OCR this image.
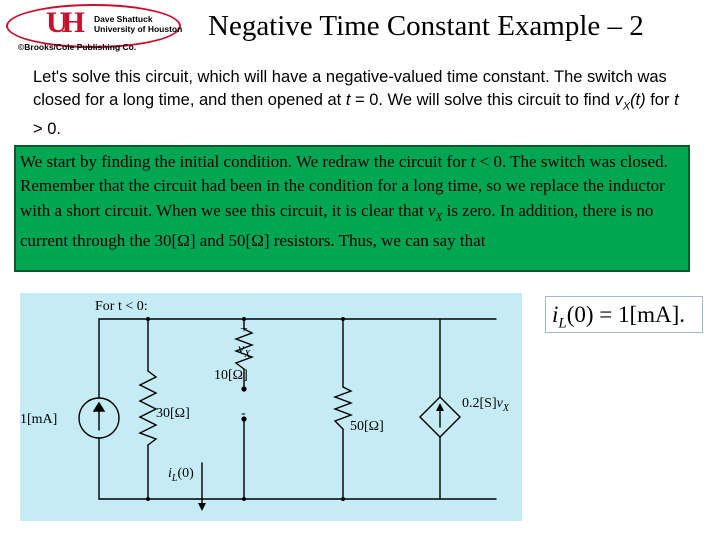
UH Dave Shattuck
University of Houston
©Brooks/Cole Publishing Co.
Negative Time Constant Example – 2
Let's solve this circuit, which will have a negative-valued time constant. The switch was closed for a long time, and then opened at t = 0. We will solve this circuit to find $v_X(t)$ for t > 0.
We start by finding the initial condition. We redraw the circuit for t < 0. The switch was closed. Remember that the circuit had been in the condition for a long time, so we replace the inductor with a short circuit. When we see this circuit, it is clear that $v_X$ is zero. In addition, there is no current through the 30[Ω] and 50[Ω] resistors. Thus, we can say that
For t < 0:
1[mA]	30[Ω]
10[Ω]
50[Ω]
+
-
$v_X$
$i_L(0)$
$0.2[S]v_X$
$i_L(0) = 1[mA]$.
